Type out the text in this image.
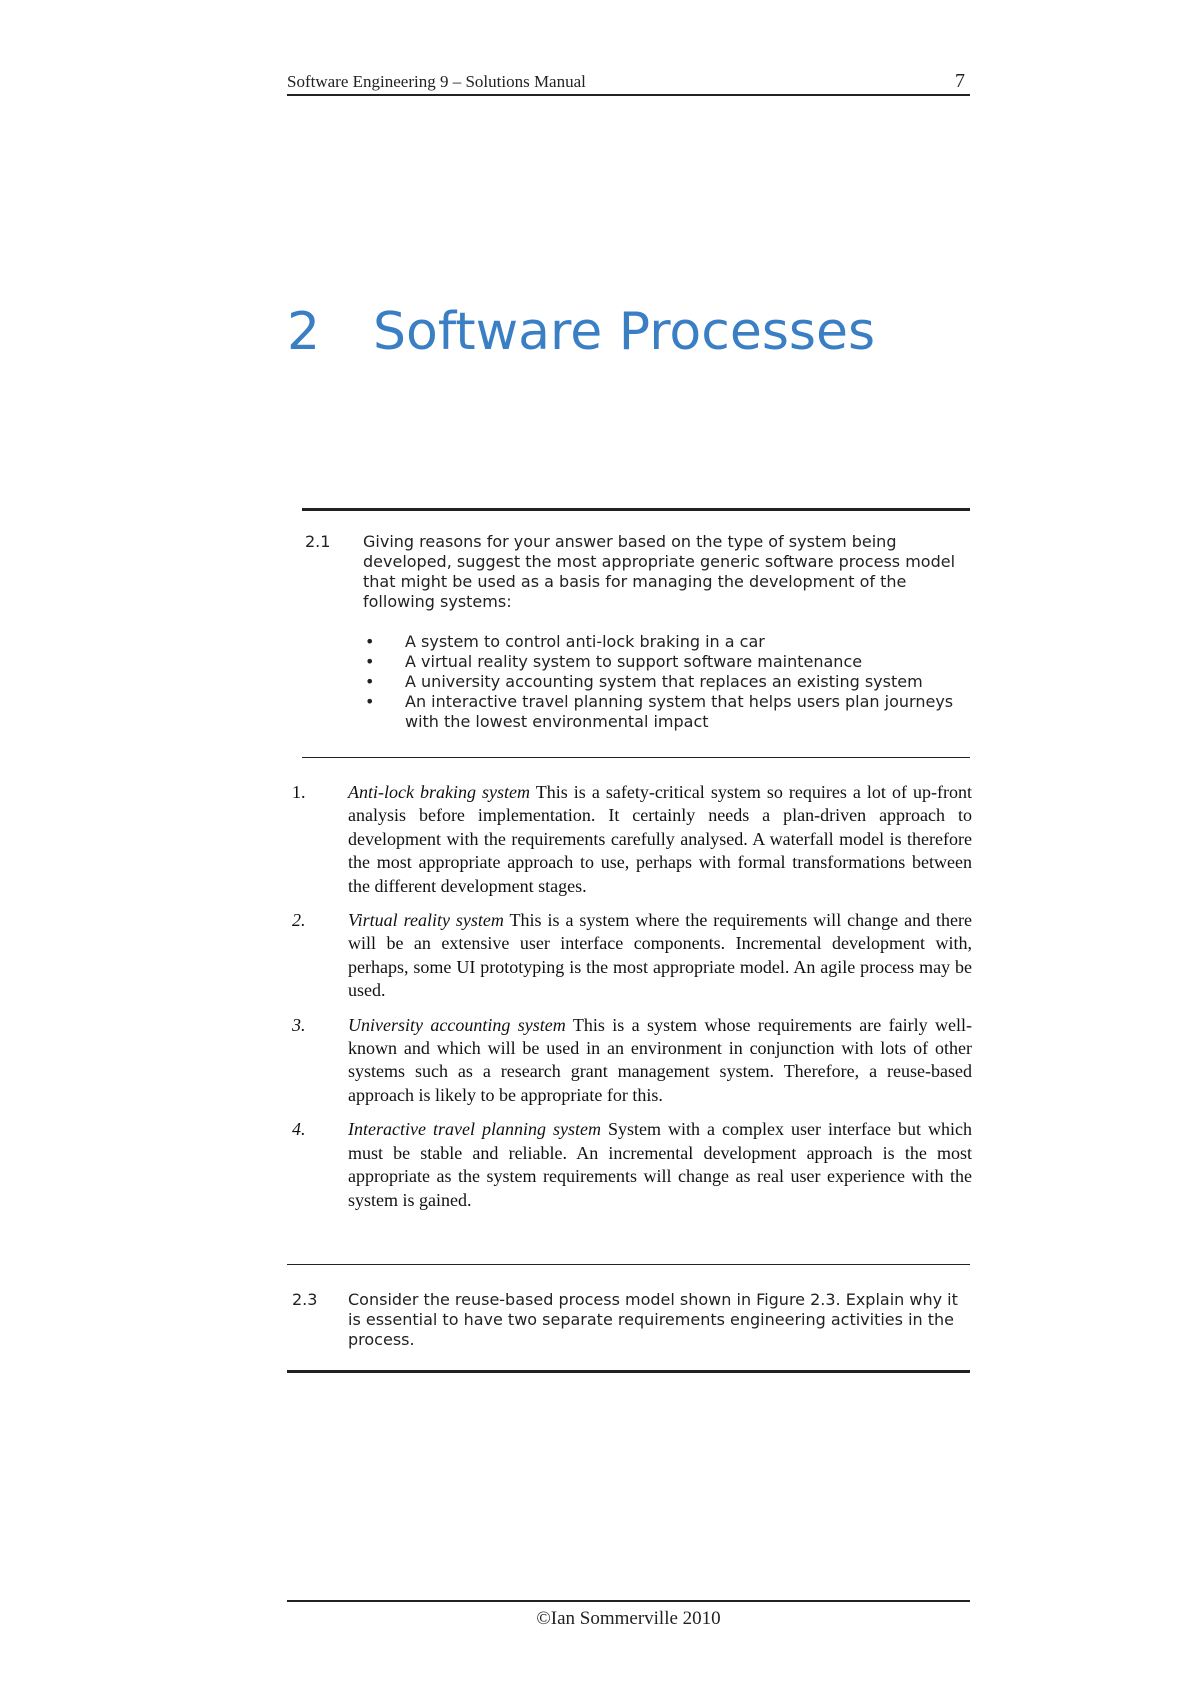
Software Engineering 9 – Solutions Manual	7
2 Software Processes
2.1 Giving reasons for your answer based on the type of system being developed, suggest the most appropriate generic software process model that might be used as a basis for managing the development of the following systems:
• A system to control anti-lock braking in a car
• A virtual reality system to support software maintenance
• A university accounting system that replaces an existing system
• An interactive travel planning system that helps users plan journeys with the lowest environmental impact
1. Anti-lock braking system This is a safety-critical system so requires a lot of up-front analysis before implementation. It certainly needs a plan-driven approach to development with the requirements carefully analysed. A waterfall model is therefore the most appropriate approach to use, perhaps with formal transformations between the different development stages.
2. Virtual reality system This is a system where the requirements will change and there will be an extensive user interface components. Incremental development with, perhaps, some UI prototyping is the most appropriate model. An agile process may be used.
3. University accounting system This is a system whose requirements are fairly well-known and which will be used in an environment in conjunction with lots of other systems such as a research grant management system. Therefore, a reuse-based approach is likely to be appropriate for this.
4. Interactive travel planning system System with a complex user interface but which must be stable and reliable. An incremental development approach is the most appropriate as the system requirements will change as real user experience with the system is gained.
2.3 Consider the reuse-based process model shown in Figure 2.3. Explain why it is essential to have two separate requirements engineering activities in the process.
©Ian Sommerville 2010
